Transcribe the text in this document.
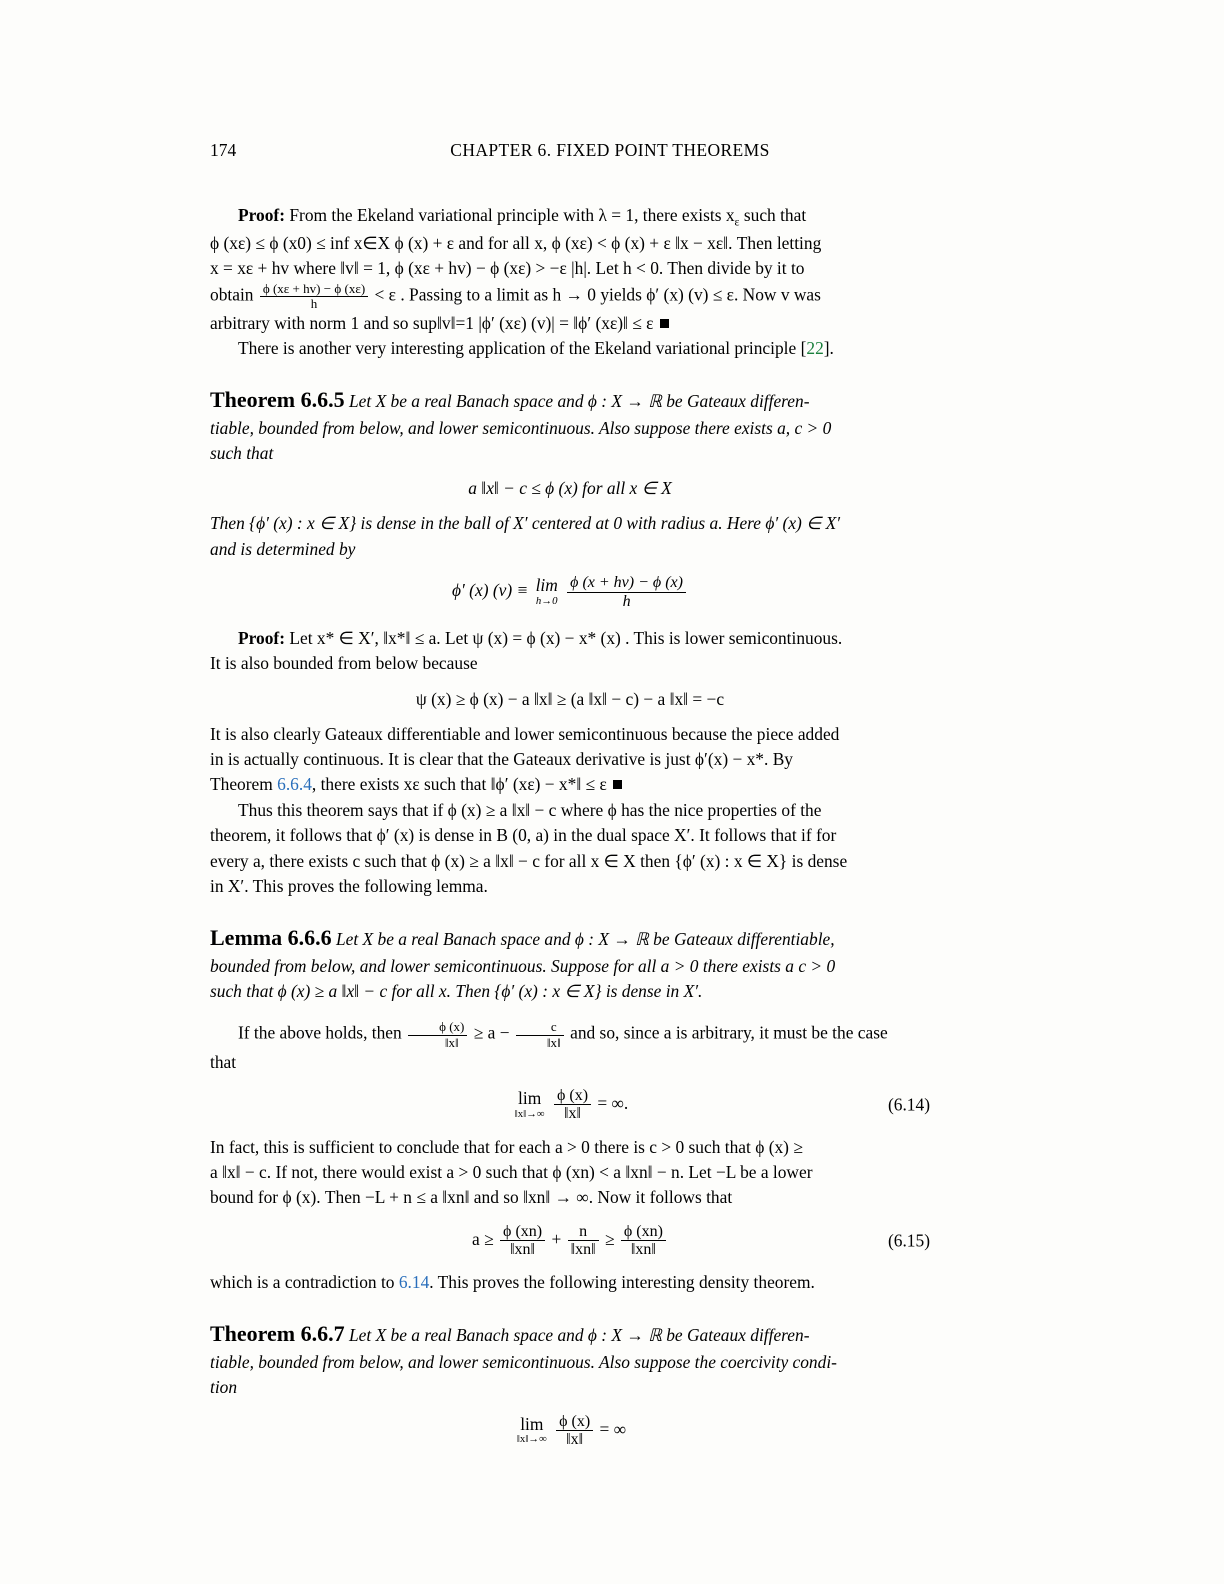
174	CHAPTER 6. FIXED POINT THEOREMS

Proof: From the Ekeland variational principle with λ = 1, there exists $x_\varepsilon$ such that

ϕ (xε) ≤ ϕ (x0) ≤ inf x∈X ϕ (x) + ε and for all x, ϕ (xε) < ϕ (x) + ε ‖x − xε‖. Then letting

x = xε + hv where ‖v‖ = 1, ϕ (xε + hv) − ϕ (xε) > −ε |h|. Let h < 0. Then divide by it to

obtain $\frac{\phi (x\varepsilon + hv) - \phi (x\varepsilon)}{h} < \varepsilon$ . Passing to a limit as h → 0 yields ϕ′ (x) (v) ≤ ε. Now v was

arbitrary with norm 1 and so sup‖v‖=1 |ϕ′ (xε) (v)| = ‖ϕ′ (xε)‖ ≤ ε

There is another very interesting application of the Ekeland variational principle [22].

Theorem 6.6.5 Let X be a real Banach space and ϕ : X → ℝ be Gateaux differen-

tiable, bounded from below, and lower semicontinuous. Also suppose there exists a, c > 0

such that

a ‖x‖ − c ≤ ϕ (x) for all x ∈ X

Then {ϕ′ (x) : x ∈ X} is dense in the ball of X′ centered at 0 with radius a. Here ϕ′ (x) ∈ X′

and is determined by

ϕ′ (x) (v) ≡ lim
h→0
$\frac{\phi (x + hv) - \phi (x)}{h}$

Proof: Let x* ∈ X′, ‖x*‖ ≤ a. Let ψ (x) = ϕ (x) − x* (x) . This is lower semicontinuous.

It is also bounded from below because

ψ (x) ≥ ϕ (x) − a ‖x‖ ≥ (a ‖x‖ − c) − a ‖x‖ = −c

It is also clearly Gateaux differentiable and lower semicontinuous because the piece added

in is actually continuous. It is clear that the Gateaux derivative is just ϕ′(x) − x*. By

Theorem 6.6.4, there exists xε such that ‖ϕ′ (xε) − x*‖ ≤ ε

Thus this theorem says that if ϕ (x) ≥ a ‖x‖ − c where ϕ has the nice properties of the

theorem, it follows that ϕ′ (x) is dense in B (0, a) in the dual space X′. It follows that if for

every a, there exists c such that ϕ (x) ≥ a ‖x‖ − c for all x ∈ X then {ϕ′ (x) : x ∈ X} is dense

in X′. This proves the following lemma.

Lemma 6.6.6 Let X be a real Banach space and ϕ : X → ℝ be Gateaux differentiable,

bounded from below, and lower semicontinuous. Suppose for all a > 0 there exists a c > 0

such that ϕ (x) ≥ a ‖x‖ − c for all x. Then {ϕ′ (x) : x ∈ X} is dense in X′.

If the above holds, then $\frac{\phi (x)}{‖x‖} \ge a - \frac{c}{‖x‖}$ and so, since a is arbitrary, it must be the case

that

lim
‖x‖→∞
$\frac{\phi (x)}{‖x‖}$ = ∞.	(6.14)

In fact, this is sufficient to conclude that for each a > 0 there is c > 0 such that ϕ (x) ≥

a ‖x‖ − c. If not, there would exist a > 0 such that ϕ (xn) < a ‖xn‖ − n. Let −L be a lower

bound for ϕ (x). Then −L + n ≤ a ‖xn‖ and so ‖xn‖ → ∞. Now it follows that

$a \ge \frac{\phi (xn)}{‖xn‖} + \frac{n}{‖xn‖} \ge \frac{\phi (xn)}{‖xn‖}$	(6.15)

which is a contradiction to 6.14. This proves the following interesting density theorem.

Theorem 6.6.7 Let X be a real Banach space and ϕ : X → ℝ be Gateaux differen-

tiable, bounded from below, and lower semicontinuous. Also suppose the coercivity condi-

tion

lim
‖x‖→∞
$\frac{\phi (x)}{‖x‖}$ = ∞
